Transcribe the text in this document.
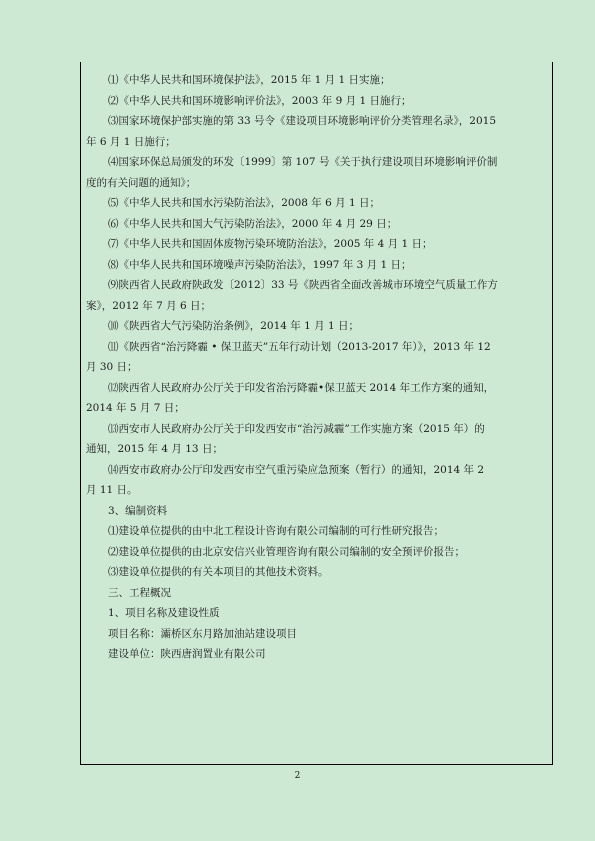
⑴《中华人民共和国环境保护法》，2015 年 1 月 1 日实施；

⑵《中华人民共和国环境影响评价法》，2003 年 9 月 1 日施行；

⑶国家环境保护部实施的第 33 号令《建设项目环境影响评价分类管理名录》，2015

年 6 月 1 日施行；

⑷国家环保总局颁发的环发〔1999〕第 107 号《关于执行建设项目环境影响评价制

度的有关问题的通知》；

⑸《中华人民共和国水污染防治法》，2008 年 6 月 1 日；

⑹《中华人民共和国大气污染防治法》，2000 年 4 月 29 日；

⑺《中华人民共和国固体废物污染环境防治法》，2005 年 4 月 1 日；

⑻《中华人民共和国环境噪声污染防治法》，1997 年 3 月 1 日；

⑼陕西省人民政府陕政发〔2012〕33 号《陕西省全面改善城市环境空气质量工作方

案》，2012 年 7 月 6 日；

⑽《陕西省大气污染防治条例》，2014 年 1 月 1 日；

⑾《陕西省“治污降霾 • 保卫蓝天”五年行动计划（2013-2017 年）》，2013 年 12

月 30 日；

⑿陕西省人民政府办公厅关于印发省治污降霾•保卫蓝天 2014 年工作方案的通知，

2014 年 5 月 7 日；

⒀西安市人民政府办公厅关于印发西安市“治污减霾”工作实施方案（2015 年）的

通知，2015 年 4 月 13 日；

⒁西安市政府办公厅印发西安市空气重污染应急预案（暂行）的通知，2014 年 2

月 11 日。

3、编制资料

⑴建设单位提供的由中北工程设计咨询有限公司编制的可行性研究报告；

⑵建设单位提供的由北京安信兴业管理咨询有限公司编制的安全预评价报告；

⑶建设单位提供的有关本项目的其他技术资料。

三、工程概况

1、项目名称及建设性质

项目名称：灞桥区东月路加油站建设项目

建设单位：陕西唐润置业有限公司

2
